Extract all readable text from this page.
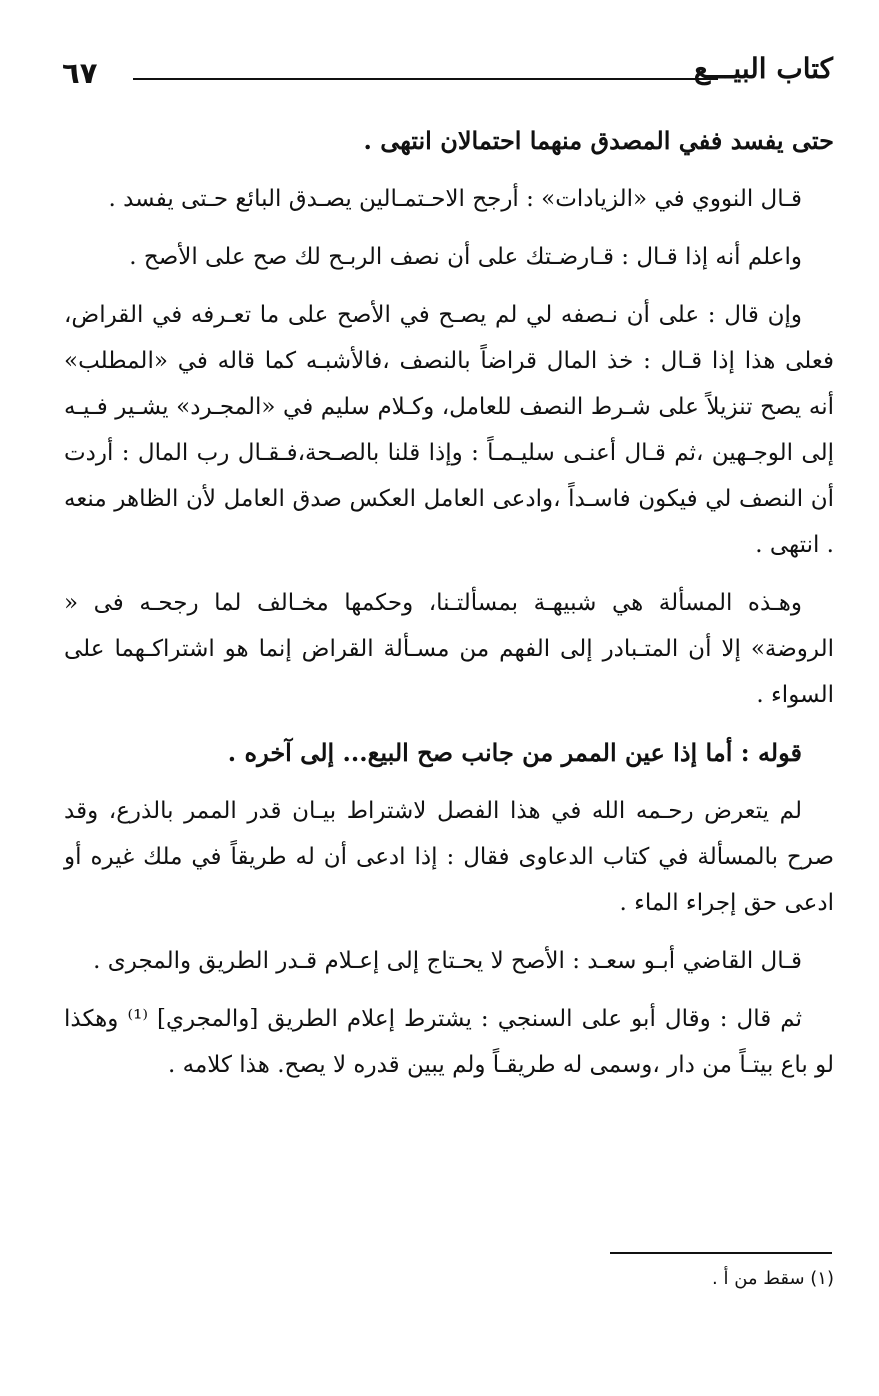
٦٧	كتاب البيـــع

حتى يفسد ففي المصدق منهما احتمالان انتهى .

قـال النووي في «الزيادات» : أرجح الاحـتمـالين يصـدق البائع حـتى يفسد .

واعلم أنه إذا قـال : قـارضـتك على أن نصف الربـح لك صح على الأصح .

وإن قال : على أن نـصفه لي لم يصـح في الأصح على ما تعـرفه في القراض، فعلى هذا إذا قـال : خذ المال قراضاً بالنصف ،فالأشبـه كما قاله في «المطلب» أنه يصح تنزيلاً على شـرط النصف للعامل، وكـلام سليم في «المجـرد» يشـير فـيـه إلى الوجـهين ،ثم قـال أعنـى سليـمـاً : وإذا قلنا بالصـحة،فـقـال رب المال : أردت أن النصف لي فيكون فاسـداً ،وادعى العامل العكس صدق العامل لأن الظاهر منعه . انتهى .

وهـذه المسألة هي شبيهـة بمسألتـنا، وحكمها مخـالف لما رجحـه فى « الروضة» إلا أن المتـبادر إلى الفهم من مسـألة القراض إنما هو اشتراكـهما على السواء .

قوله : أما إذا عين الممر من جانب صح البيع... إلى آخره .

لم يتعرض رحـمه الله في هذا الفصل لاشتراط بيـان قدر الممر بالذرع، وقد صرح بالمسألة في كتاب الدعاوى فقال : إذا ادعى أن له طريقاً في ملك غيره أو ادعى حق إجراء الماء .

قـال القاضي أبـو سعـد : الأصح لا يحـتاج إلى إعـلام قـدر الطريق والمجرى .

ثم قال : وقال أبو على السنجي : يشترط إعلام الطريق [والمجري] ⁽¹⁾ وهكذا لو باع بيتـاً من دار ،وسمى له طريقـاً ولم يبين قدره لا يصح. هذا كلامه .

(١) سقط من أ .
